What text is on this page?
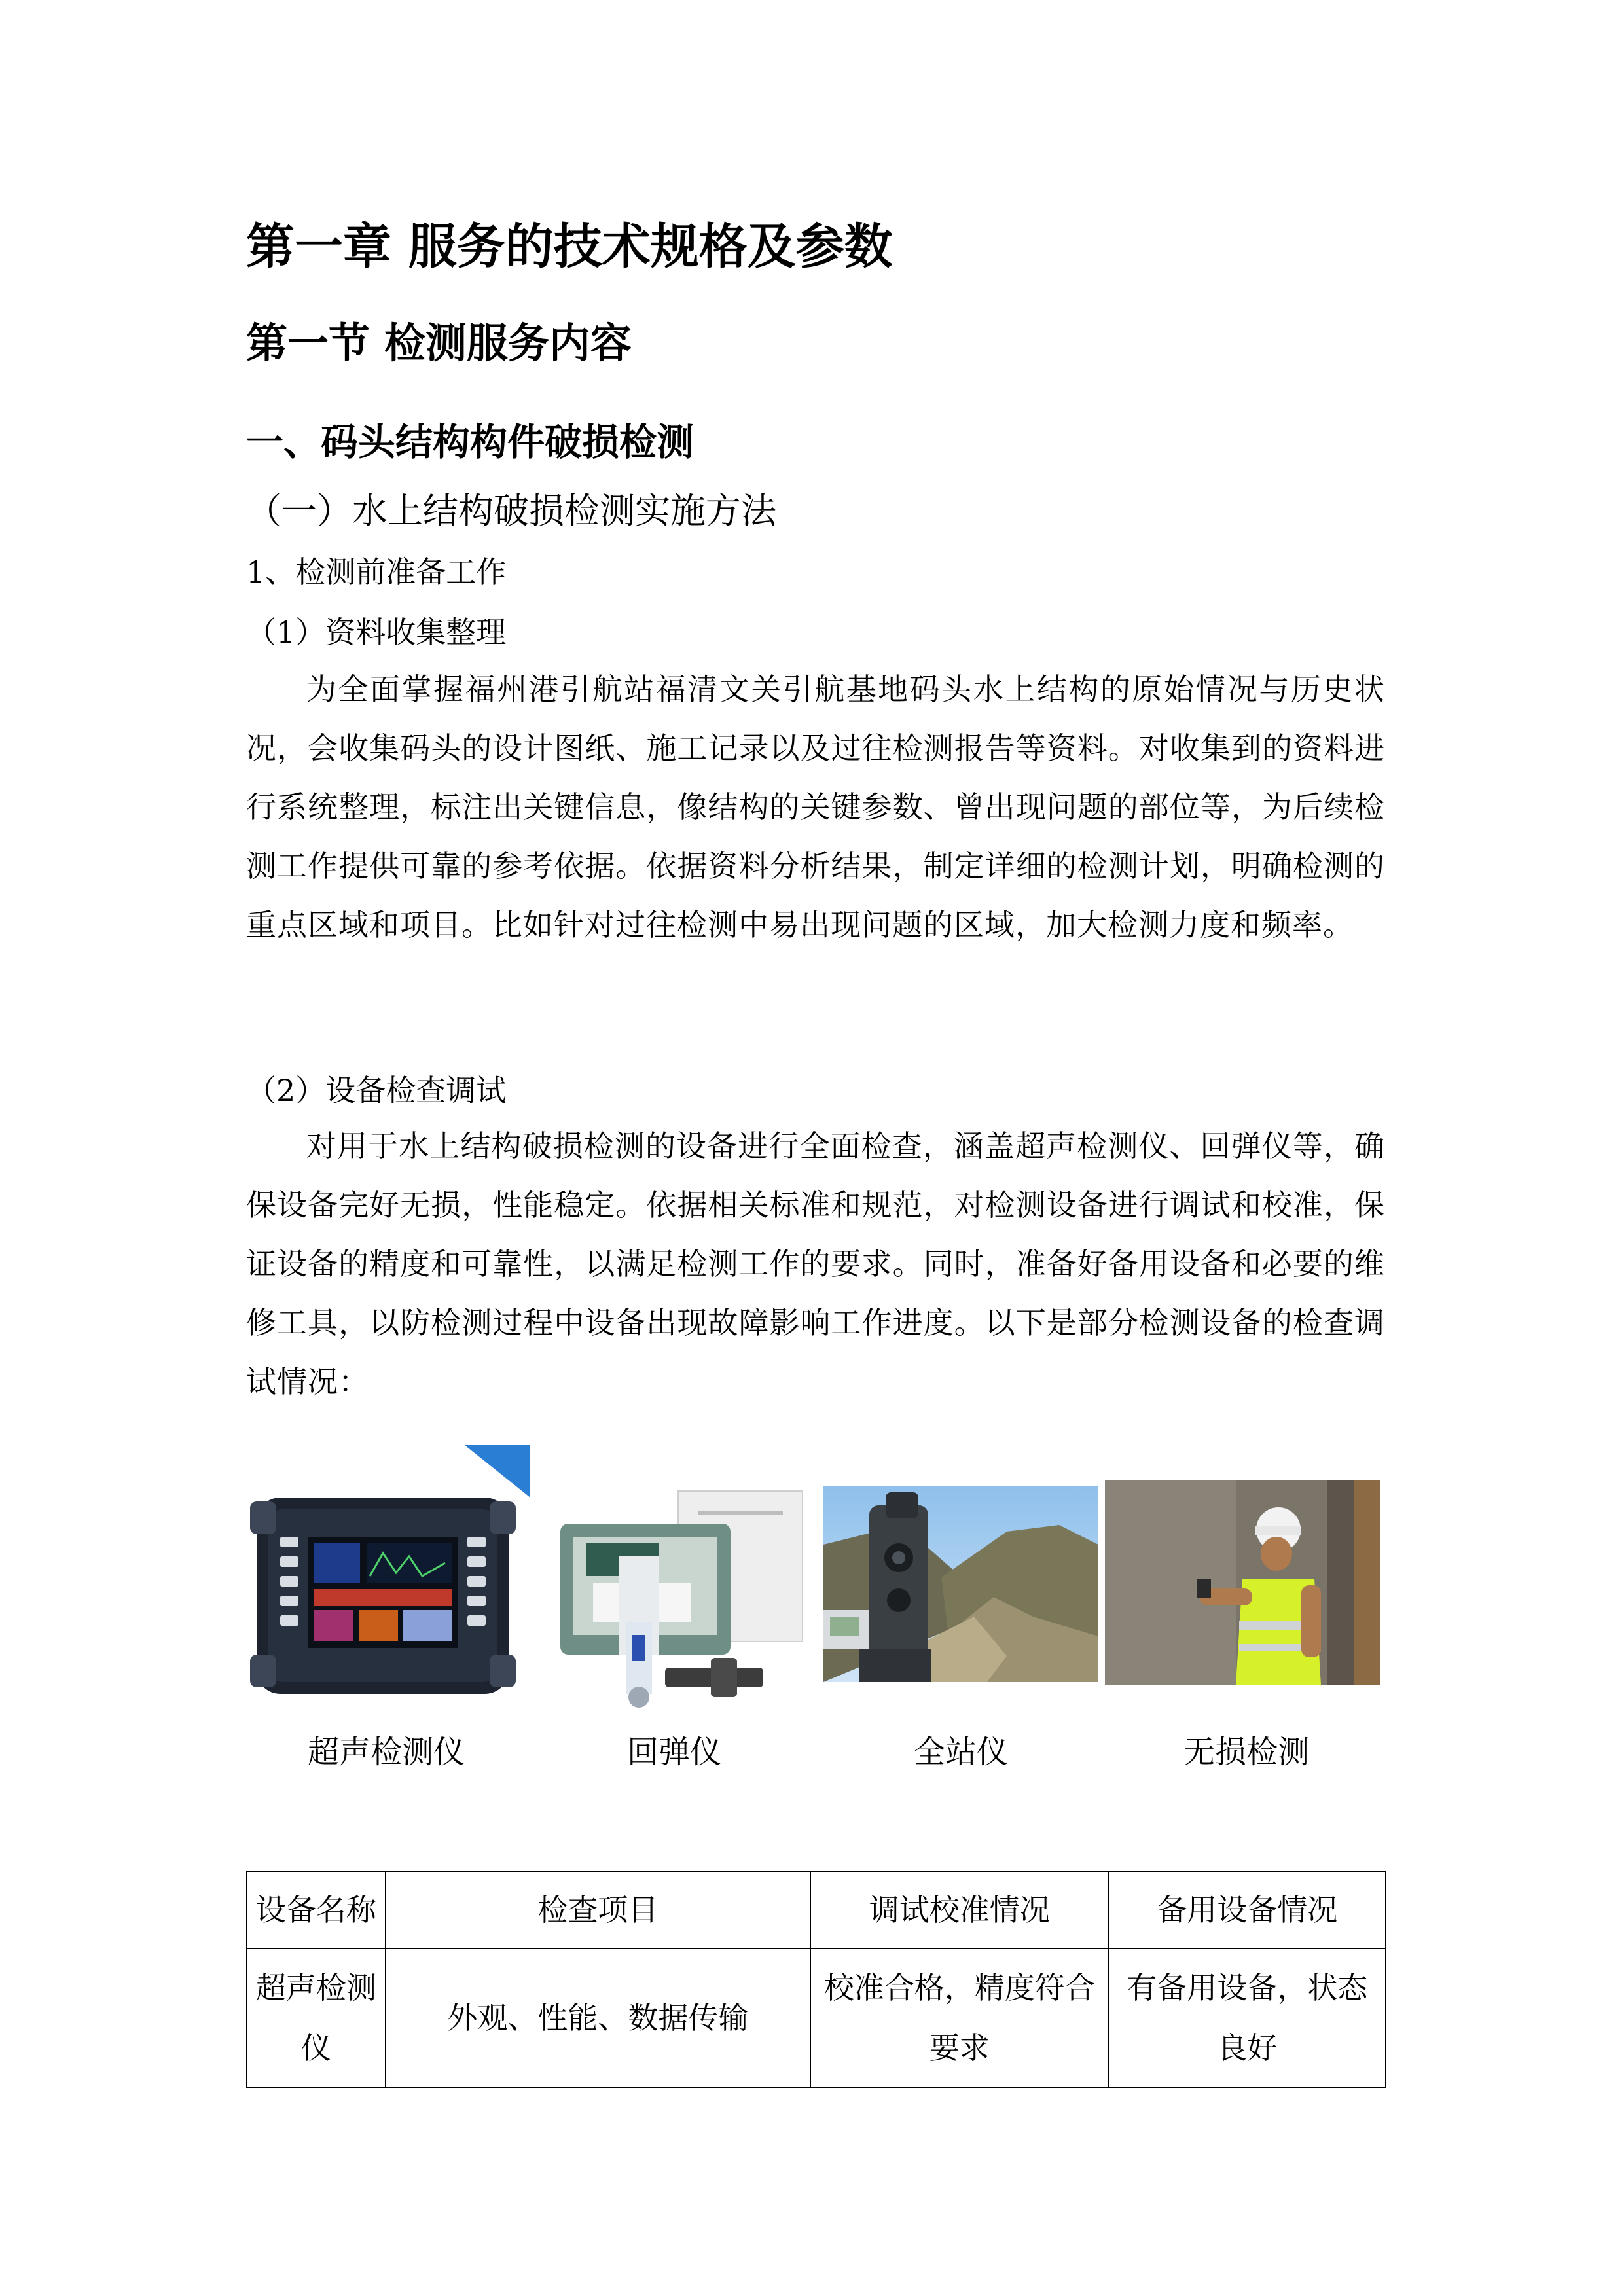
第一章 服务的技术规格及参数
第一节 检测服务内容
一、码头结构构件破损检测
（一）水上结构破损检测实施方法
1、检测前准备工作
（1）资料收集整理
为全面掌握福州港引航站福清文关引航基地码头水上结构的原始情况与历史状况，会收集码头的设计图纸、施工记录以及过往检测报告等资料。对收集到的资料进行系统整理，标注出关键信息，像结构的关键参数、曾出现问题的部位等，为后续检测工作提供可靠的参考依据。依据资料分析结果，制定详细的检测计划，明确检测的重点区域和项目。比如针对过往检测中易出现问题的区域，加大检测力度和频率。
（2）设备检查调试
对用于水上结构破损检测的设备进行全面检查，涵盖超声检测仪、回弹仪等，确保设备完好无损，性能稳定。依据相关标准和规范，对检测设备进行调试和校准，保证设备的精度和可靠性，以满足检测工作的要求。同时，准备好备用设备和必要的维修工具，以防检测过程中设备出现故障影响工作进度。以下是部分检测设备的检查调试情况：
超声检测仪	回弹仪	全站仪	无损检测
设备名称	检查项目	调试校准情况	备用设备情况
超声检测仪	外观、性能、数据传输	校准合格，精度符合要求	有备用设备，状态良好
